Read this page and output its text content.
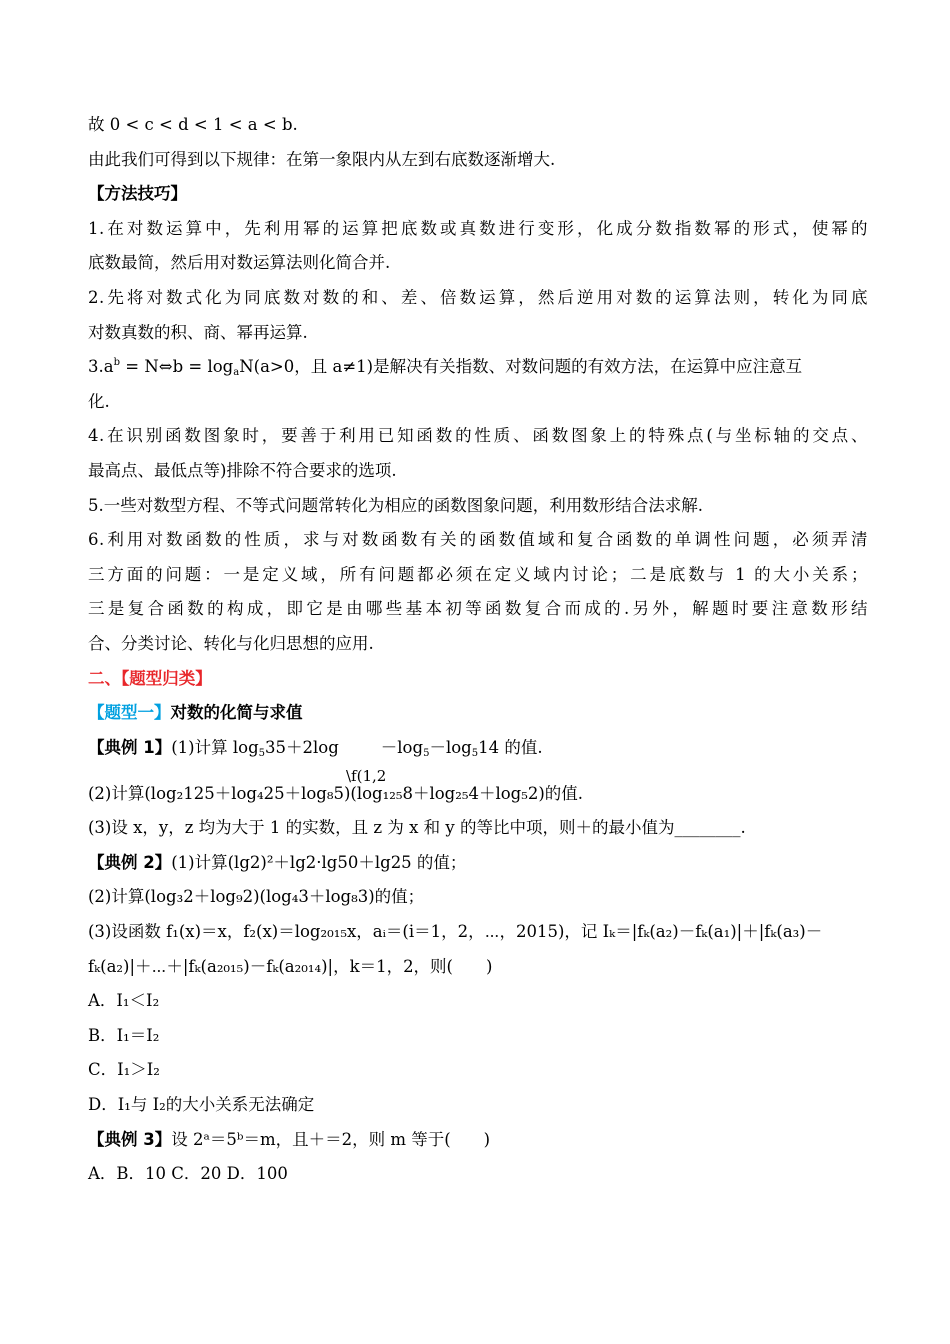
故 0 < c < d < 1 < a < b.
由此我们可得到以下规律：在第一象限内从左到右底数逐渐增大.
【方法技巧】
1.在对数运算中，先利用幂的运算把底数或真数进行变形，化成分数指数幂的形式，使幂的
底数最简，然后用对数运算法则化简合并.
2.先将对数式化为同底数对数的和、差、倍数运算，然后逆用对数的运算法则，转化为同底
对数真数的积、商、幂再运算.
$3.a^b$ = N⇔b = $\log_aN(a>0$，且 a≠1)是解决有关指数、对数问题的有效方法，在运算中应注意互
化.
4.在识别函数图象时，要善于利用已知函数的性质、函数图象上的特殊点(与坐标轴的交点、
最高点、最低点等)排除不符合要求的选项.
5.一些对数型方程、不等式问题常转化为相应的函数图象问题，利用数形结合法求解.
6.利用对数函数的性质，求与对数函数有关的函数值域和复合函数的单调性问题，必须弄清
三方面的问题：一是定义域，所有问题都必须在定义域内讨论；二是底数与 1 的大小关系；
三是复合函数的构成，即它是由哪些基本初等函数复合而成的.另外，解题时要注意数形结
合、分类讨论、转化与化归思想的应用.
二、【题型归类】
【题型一】对数的化简与求值
【典例 1】(1)计算 $\log_535+2\log$	$-\log_5-\log_514$ 的值.
\f(1,2
(2)计算(log₂125＋log₄25＋log₈5)(log₁₂₅8＋log₂₅4＋log₅2)的值.
(3)设 x，y，z 均为大于 1 的实数，且 z 为 x 和 y 的等比中项，则＋的最小值为________.
【典例 2】(1)计算(lg2)²＋lg2·lg50＋lg25 的值；
(2)计算(log₃2＋log₉2)(log₄3＋log₈3)的值；
(3)设函数 f₁(x)＝x，f₂(x)＝log₂₀₁₅x，aᵢ＝(i＝1，2，⋯，2015)，记 Iₖ＝|fₖ(a₂)－fₖ(a₁)|＋|fₖ(a₃)－
fₖ(a₂)|＋⋯＋|fₖ(a₂₀₁₅)－fₖ(a₂₀₁₄)|，k＝1，2，则(　　)
A．I₁＜I₂
B．I₁＝I₂
C．I₁＞I₂
D．I₁与 I₂的大小关系无法确定
【典例 3】设 2ᵃ＝5ᵇ＝m，且＋＝2，则 m 等于(　　)
A．B．10 C．20 D．100
